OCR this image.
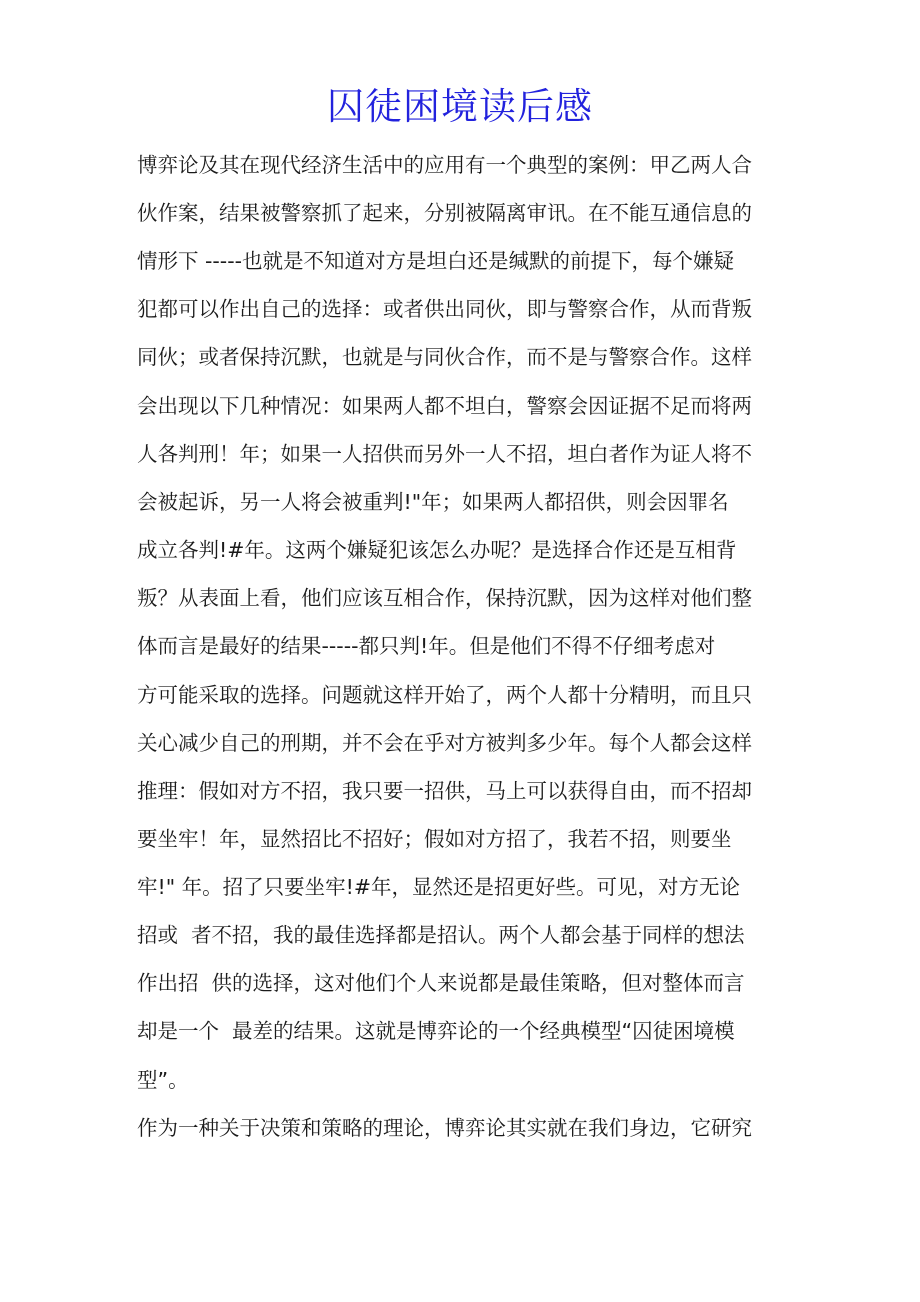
囚徒困境读后感

博弈论及其在现代经济生活中的应用有一个典型的案例：甲乙两人合

伙作案，结果被警察抓了起来，分别被隔离审讯。在不能互通信息的

情形下 -----也就是不知道对方是坦白还是缄默的前提下，每个嫌疑

犯都可以作出自己的选择：或者供出同伙，即与警察合作，从而背叛

同伙；或者保持沉默，也就是与同伙合作，而不是与警察合作。这样

会出现以下几种情况：如果两人都不坦白，警察会因证据不足而将两

人各判刑！年；如果一人招供而另外一人不招，坦白者作为证人将不

会被起诉，另一人将会被重判!"年；如果两人都招供，则会因罪名

成立各判!#年。这两个嫌疑犯该怎么办呢？是选择合作还是互相背

叛？从表面上看，他们应该互相合作，保持沉默，因为这样对他们整

体而言是最好的结果-----都只判!年。但是他们不得不仔细考虑对

方可能采取的选择。问题就这样开始了，两个人都十分精明，而且只

关心减少自己的刑期，并不会在乎对方被判多少年。每个人都会这样

推理：假如对方不招，我只要一招供，马上可以获得自由，而不招却

要坐牢！年，显然招比不招好；假如对方招了，我若不招，则要坐

牢!" 年。招了只要坐牢!#年，显然还是招更好些。可见，对方无论

招或  者不招，我的最佳选择都是招认。两个人都会基于同样的想法

作出招  供的选择，这对他们个人来说都是最佳策略，但对整体而言

却是一个  最差的结果。这就是博弈论的一个经典模型“囚徒困境模

型”。

作为一种关于决策和策略的理论，博弈论其实就在我们身边，它研究
